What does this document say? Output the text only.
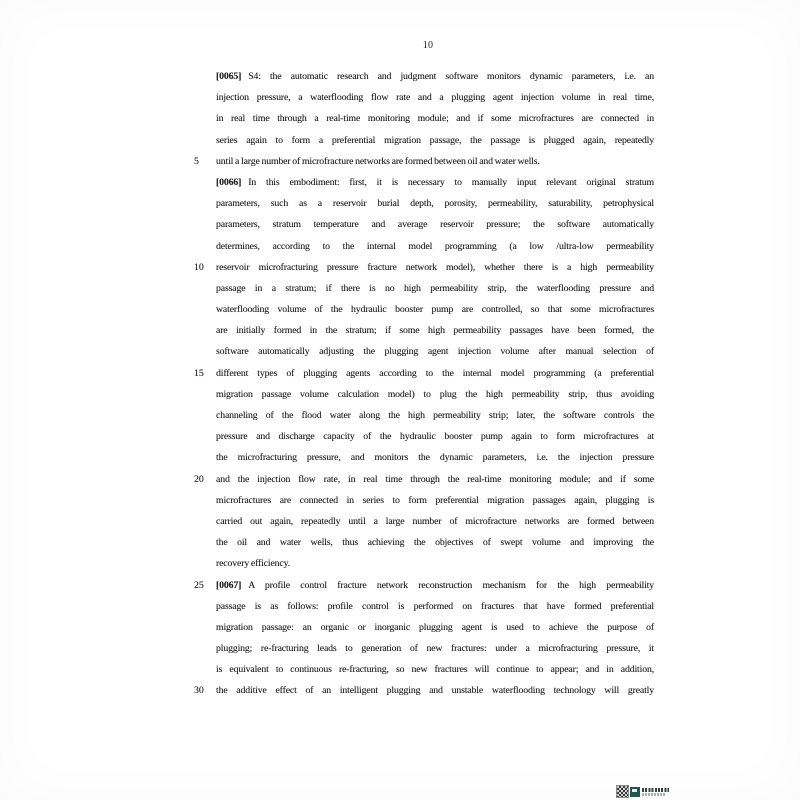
10
[0065] S4: the automatic research and judgment software monitors dynamic parameters, i.e. an
injection pressure, a waterflooding flow rate and a plugging agent injection volume in real time,
in real time through a real-time monitoring module; and if some microfractures are connected in
series again to form a preferential migration passage, the passage is plugged again, repeatedly
5	until a large number of microfracture networks are formed between oil and water wells.
[0066] In this embodiment: first, it is necessary to manually input relevant original stratum
parameters, such as a reservoir burial depth, porosity, permeability, saturability, petrophysical
parameters, stratum temperature and average reservoir pressure; the software automatically
determines, according to the internal model programming (a low /ultra-low permeability
10	reservoir microfracturing pressure fracture network model), whether there is a high permeability
passage in a stratum; if there is no high permeability strip, the waterflooding pressure and
waterflooding volume of the hydraulic booster pump are controlled, so that some microfractures
are initially formed in the stratum; if some high permeability passages have been formed, the
software automatically adjusting the plugging agent injection volume after manual selection of
15	different types of plugging agents according to the internal model programming (a preferential
migration passage volume calculation model) to plug the high permeability strip, thus avoiding
channeling of the flood water along the high permeability strip; later, the software controls the
pressure and discharge capacity of the hydraulic booster pump again to form microfractures at
the microfracturing pressure, and monitors the dynamic parameters, i.e. the injection pressure
20	and the injection flow rate, in real time through the real-time monitoring module; and if some
microfractures are connected in series to form preferential migration passages again, plugging is
carried out again, repeatedly until a large number of microfracture networks are formed between
the oil and water wells, thus achieving the objectives of swept volume and improving the
recovery efficiency.
25	[0067] A profile control fracture network reconstruction mechanism for the high permeability
passage is as follows: profile control is performed on fractures that have formed preferential
migration passage: an organic or inorganic plugging agent is used to achieve the purpose of
plugging; re-fracturing leads to generation of new fractures: under a microfracturing pressure, it
is equivalent to continuous re-fracturing, so new fractures will continue to appear; and in addition,
30	the additive effect of an intelligent plugging and unstable waterflooding technology will greatly
